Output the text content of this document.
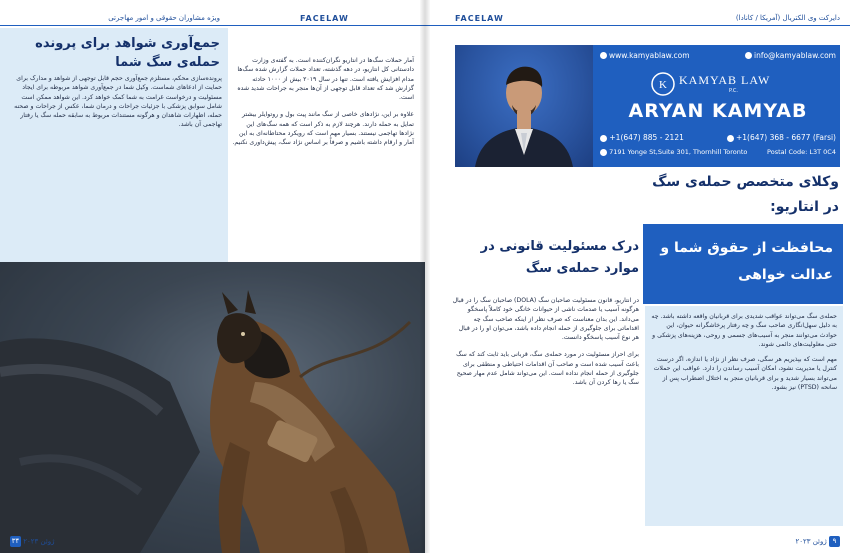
ویژه مشاوران حقوقی و امور مهاجرتی	FACELAW
جمع‌آوری شواهد برای پرونده حمله‌ی سگ شما
پرونده‌سازی محکم، مستلزم جمع‌آوری حجم قابل توجهی از شواهد و مدارک برای حمایت از ادعاهای شماست. وکیل شما در جمع‌آوری شواهد مربوطه برای ایجاد مسئولیت و درخواست غرامت به شما کمک خواهد کرد. این شواهد ممکن است شامل سوابق پزشکی با جزئیات جراحات و درمان شما، عکس از جراحات و صحنه حمله، اظهارات شاهدان و هرگونه مستندات مربوط به سابقه حمله سگ یا رفتار تهاجمی آن باشد.

آمار حملات سگ‌ها در انتاریو نگران‌کننده است. به گفته‌ی وزارت دادستانی کل انتاریو، در دهه گذشته، تعداد حملات گزارش شده سگ‌ها مدام افزایش یافته است. تنها در سال ۲۰۱۹ بیش از ۱۰۰۰ حادثه گزارش شد که تعداد قابل توجهی از آن‌ها منجر به جراحات شدید شده است.

علاوه بر این، نژادهای خاصی از سگ مانند پیت بول و روتوایلر بیشتر تمایل به حمله دارند. هرچند لازم به ذکر است که همه سگ‌های این نژادها تهاجمی نیستند. بسیار مهم است که رویکرد محتاطانه‌ای به این آمار و ارقام داشته باشیم و صرفاً بر اساس نژاد سگ، پیش‌داوری نکنیم.

۳۴ ژوئن ۲۰۲۳
دایرکت وی الکتریال (آمریکا / کانادا)
FACELAW
www.kamyablaw.com	info@kamyablaw.com
K KAMYAB LAW
P.C.
ARYAN KAMYAB
+1(647) 885 - 2121	+1(647) 368 - 6677 (Farsi)
7191 Yonge St,Suite 301, Thornhill Toronto	Postal Code: L3T 0C4
وکلای متخصص حمله‌ی سگ در انتاریو:
محافظت از حقوق شما و عدالت خواهی

حمله‌ی سگ می‌تواند عواقب شدیدی برای قربانیان واقعه داشته باشد. چه به دلیل سهل‌انگاری صاحب سگ و چه رفتار پرخاشگرانه حیوان، این حوادث می‌توانند منجر به آسیب‌های جسمی و روحی، هزینه‌های پزشکی و حتی معلولیت‌های دائمی شوند.

مهم است که بپذیریم هر سگی، صرف نظر از نژاد یا اندازه، اگر درست کنترل یا مدیریت نشود، امکان آسیب رساندن را دارد. عواقب این حملات می‌تواند بسیار شدید و برای قربانیان منجر به اختلال اضطراب پس از سانحه (PTSD) نیز بشود.

درک مسئولیت قانونی در موارد حمله‌ی سگ

در انتاریو، قانون مسئولیت صاحبان سگ (DOLA) صاحبان سگ را در قبال هرگونه آسیب یا صدمات ناشی از حیوانات خانگی خود کاملاً پاسخگو می‌داند. این بدان معناست که صرف نظر از اینکه صاحب سگ چه اقداماتی برای جلوگیری از حمله انجام داده باشد، می‌توان او را در قبال هر نوع آسیب پاسخگو دانست.

برای احراز مسئولیت در مورد حمله‌ی سگ، قربانی باید ثابت کند که سگ باعث آسیب شده است و صاحب آن اقدامات احتیاطی و منطقی برای جلوگیری از حمله انجام نداده است. این می‌تواند شامل عدم مهار صحیح سگ یا رها کردن آن باشد.

ژوئن ۲۰۲۳ ۹
